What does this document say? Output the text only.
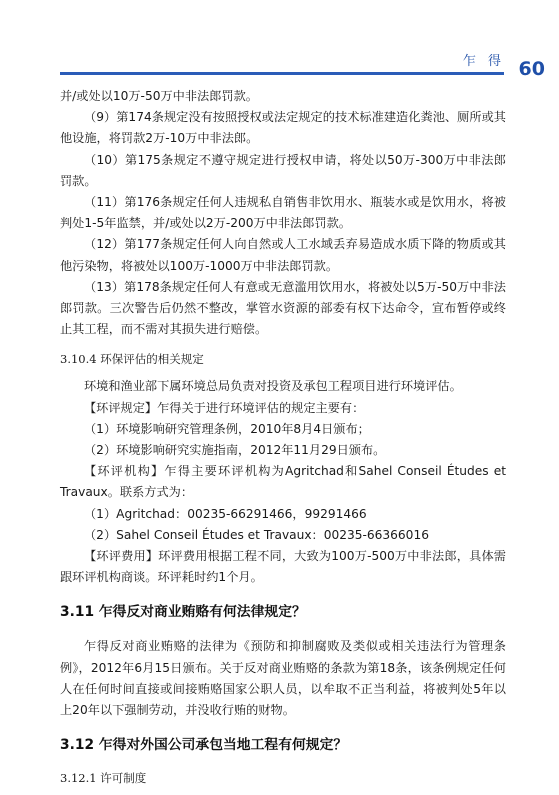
乍 得 60

并/或处以10万-50万中非法郎罚款。

（9）第174条规定没有按照授权或法定规定的技术标准建造化粪池、厕所或其他设施，将罚款2万-10万中非法郎。

（10）第175条规定不遵守规定进行授权申请，将处以50万-300万中非法郎罚款。

（11）第176条规定任何人违规私自销售非饮用水、瓶装水或是饮用水，将被判处1-5年监禁，并/或处以2万-200万中非法郎罚款。

（12）第177条规定任何人向自然或人工水域丢弃易造成水质下降的物质或其他污染物，将被处以100万-1000万中非法郎罚款。

（13）第178条规定任何人有意或无意滥用饮用水，将被处以5万-50万中非法郎罚款。三次警告后仍然不整改，掌管水资源的部委有权下达命令，宣布暂停或终止其工程，而不需对其损失进行赔偿。

3.10.4 环保评估的相关规定

环境和渔业部下属环境总局负责对投资及承包工程项目进行环境评估。

【环评规定】乍得关于进行环境评估的规定主要有：

（1）环境影响研究管理条例，2010年8月4日颁布；

（2）环境影响研究实施指南，2012年11月29日颁布。

【环评机构】乍得主要环评机构为Agritchad和Sahel Conseil Études et Travaux。联系方式为：

（1）Agritchad：00235-66291466，99291466

（2）Sahel Conseil Études et Travaux：00235-66366016

【环评费用】环评费用根据工程不同，大致为100万-500万中非法郎，具体需跟环评机构商谈。环评耗时约1个月。

3.11 乍得反对商业贿赂有何法律规定？

乍得反对商业贿赂的法律为《预防和抑制腐败及类似或相关违法行为管理条例》，2012年6月15日颁布。关于反对商业贿赂的条款为第18条，该条例规定任何人在任何时间直接或间接贿赂国家公职人员，以牟取不正当利益，将被判处5年以上20年以下强制劳动，并没收行贿的财物。

3.12 乍得对外国公司承包当地工程有何规定？
3.12.1 许可制度
